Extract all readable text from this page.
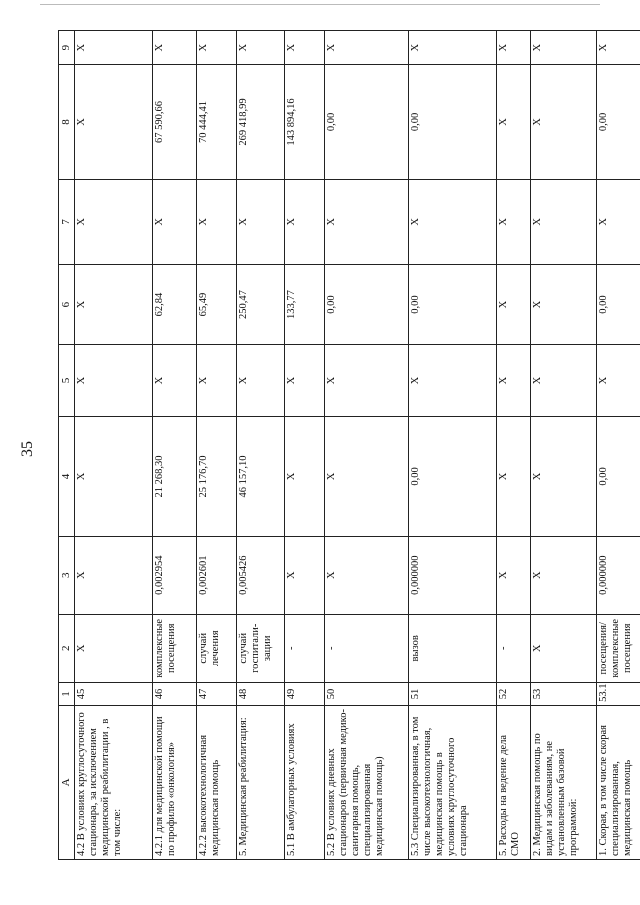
35
A	1	2	3	4	5	6	7	8	9
4.2 В условиях круглосуточного стационара, за исключением медицинской реабилитации , в том числе:	45	Х	Х	Х	Х	Х	Х	Х	Х
4.2.1 для медицинской помощи по профилю «онкология»	46	комплексные посещения	0,002954	21 268,30	Х	62,84	Х	67 590,66	Х
4.2.2 высокотехнологичная медицинская помощь	47	случай лечения	0,002601	25 176,70	Х	65,49	Х	70 444,41	Х
5. Медицинская реабилитация:	48	случай госпитали- зации	0,005426	46 157,10	Х	250,47	Х	269 418,99	Х
5.1 В амбулаторных условиях	49	-	Х	Х	Х	133,77	Х	143 894,16	Х
5.2 В условиях дневных стационаров (первичная медико-санитарная помощь, специализированная медицинская помощь)	50	-	Х	Х	Х	0,00	Х	0,00	Х
5.3 Специализированная, в том числе высокотехнологичная, медицинская помощь в условиях круглосуточного стационара	51	вызов	0,000000	0,00	Х	0,00	Х	0,00	Х
5. Расходы на ведение дела СМО	52	-	Х	Х	Х	Х	Х	Х	Х
2. Медицинская помощь по видам и заболеваниям, не установленным базовой программой:	53	Х	Х	Х	Х	Х	Х	Х	Х
1. Скорая, в том числе скорая специализированная, медицинская помощь	53.1	посещения/ комплексные посещения	0,000000	0,00	Х	0,00	Х	0,00	Х
